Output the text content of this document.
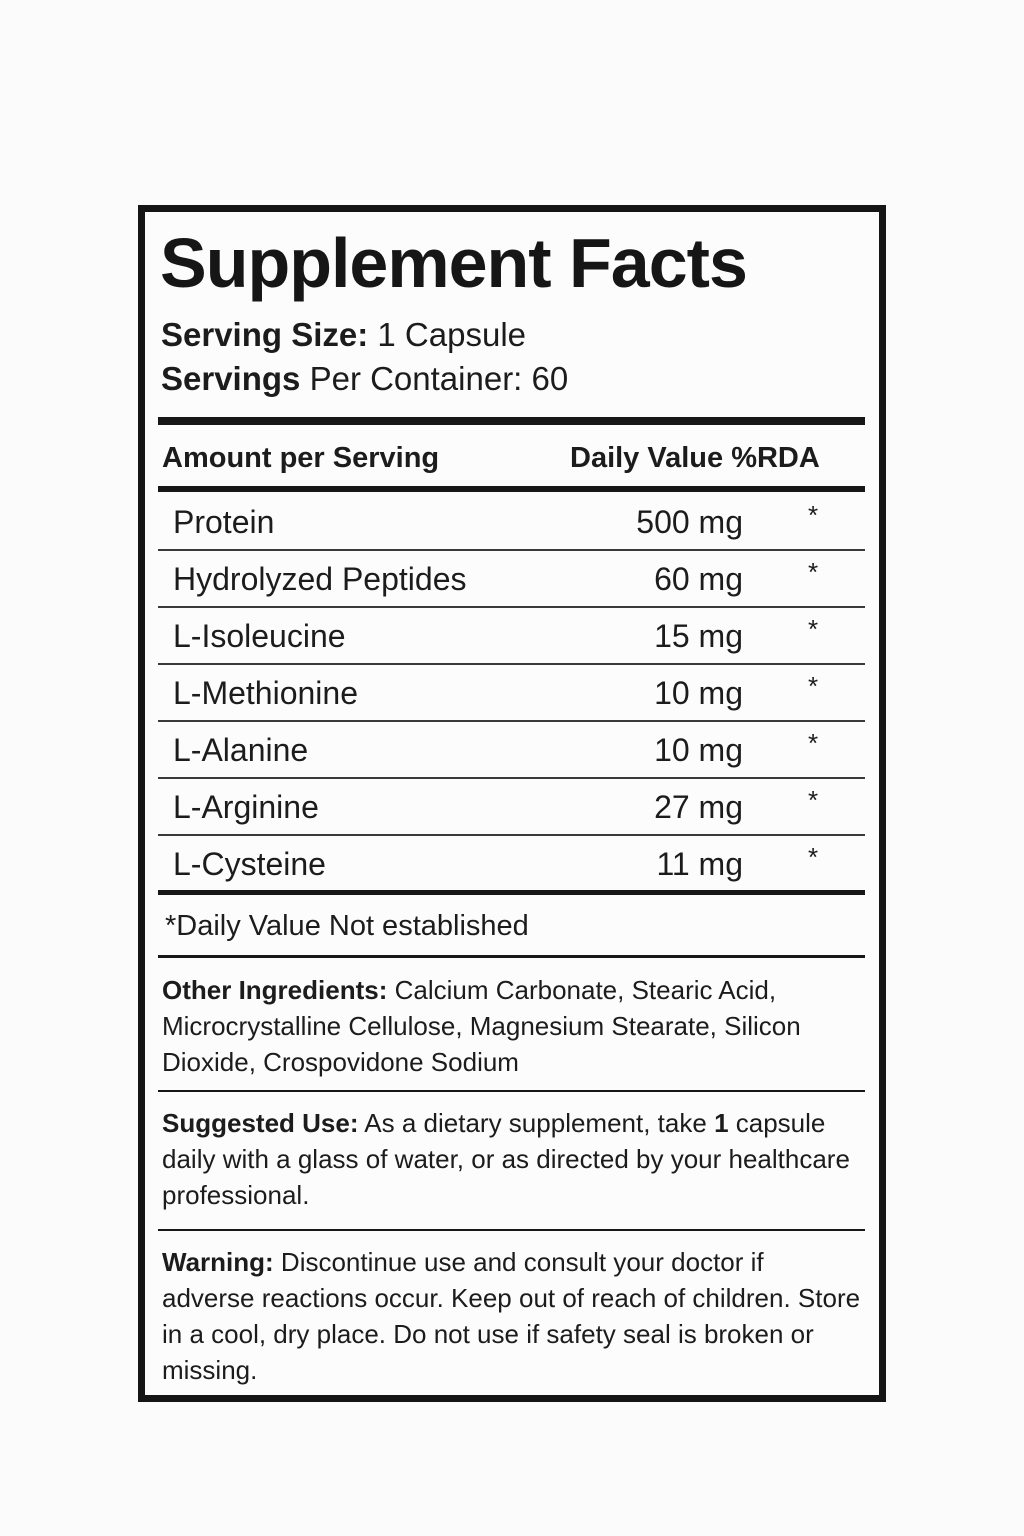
Supplement Facts
Serving Size: 1 Capsule
Servings Per Container: 60
Amount per Serving	Daily Value %RDA
Protein	500 mg	*
Hydrolyzed Peptides	60 mg	*
L-Isoleucine	15 mg	*
L-Methionine	10 mg	*
L-Alanine	10 mg	*
L-Arginine	27 mg	*
L-Cysteine	11 mg	*
*Daily Value Not established
Other Ingredients: Calcium Carbonate, Stearic Acid, Microcrystalline Cellulose, Magnesium Stearate, Silicon Dioxide, Crospovidone Sodium
Suggested Use: As a dietary supplement, take 1 capsule daily with a glass of water, or as directed by your healthcare professional.
Warning: Discontinue use and consult your doctor if adverse reactions occur. Keep out of reach of children. Store in a cool, dry place. Do not use if safety seal is broken or missing.
